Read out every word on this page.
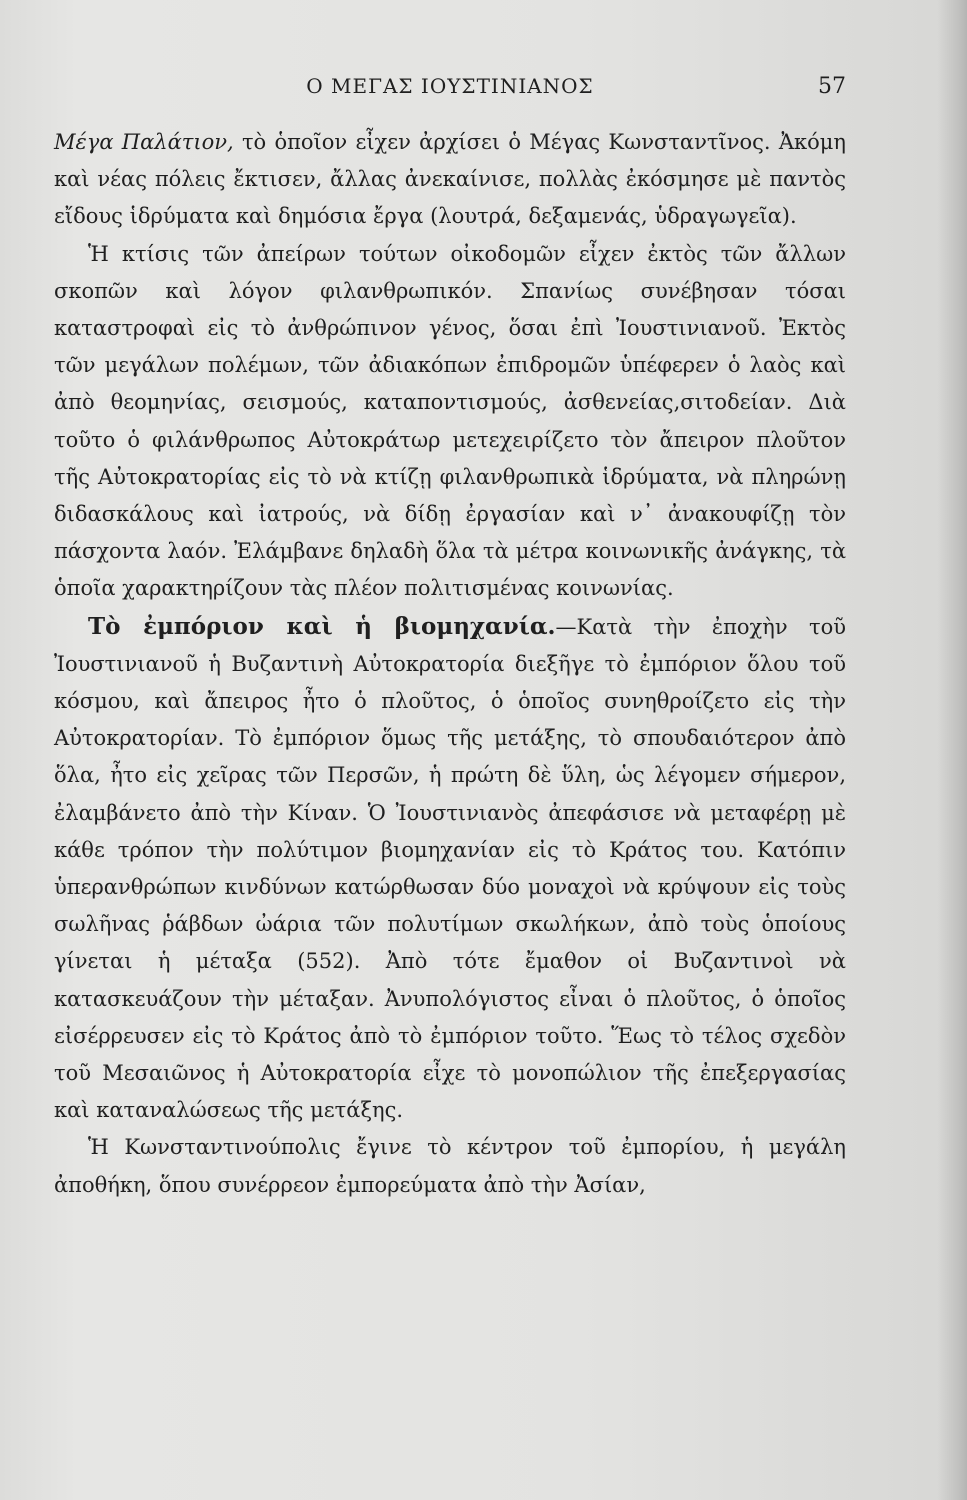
Ο ΜΕΓΑΣ ΙΟΥΣΤΙΝΙΑΝΟΣ	57

Μέγα Παλάτιον, τὸ ὁποῖον εἶχεν ἀρχίσει ὁ Μέγας Κωνσταντῖνος. Ἀκόμη καὶ νέας πόλεις ἔκτισεν, ἄλλας ἀνεκαίνισε, πολλὰς ἐκόσμησε μὲ παντὸς εἴδους ἱδρύματα καὶ δημόσια ἔργα (λουτρά, δεξαμενάς, ὑδραγωγεῖα).

Ἡ κτίσις τῶν ἀπείρων τούτων οἰκοδομῶν εἶχεν ἐκτὸς τῶν ἄλλων σκοπῶν καὶ λόγον φιλανθρωπικόν. Σπανίως συνέβησαν τόσαι καταστροφαὶ εἰς τὸ ἀνθρώπινον γένος, ὅσαι ἐπὶ Ἰουστινιανοῦ. Ἐκτὸς τῶν μεγάλων πολέμων, τῶν ἀδιακόπων ἐπιδρομῶν ὑπέφερεν ὁ λαὸς καὶ ἀπὸ θεομηνίας, σεισμούς, καταποντισμούς, ἀσθενείας,σιτοδείαν. Διὰ τοῦτο ὁ φιλάνθρωπος Αὐτοκράτωρ μετεχειρίζετο τὸν ἄπειρον πλοῦτον τῆς Αὐτοκρατορίας εἰς τὸ νὰ κτίζῃ φιλανθρωπικὰ ἱδρύματα, νὰ πληρώνῃ διδασκάλους καὶ ἰατρούς, νὰ δίδῃ ἐργασίαν καὶ ν᾽ ἀνακουφίζῃ τὸν πάσχοντα λαόν. Ἐλάμβανε δηλαδὴ ὅλα τὰ μέτρα κοινωνικῆς ἀνάγκης, τὰ ὁποῖα χαρακτηρίζουν τὰς πλέον πολιτισμένας κοινωνίας.

Τὸ ἐμπόριον καὶ ἡ βιομηχανία.—Κατὰ τὴν ἐποχὴν τοῦ Ἰουστινιανοῦ ἡ Βυζαντινὴ Αὐτοκρατορία διεξῆγε τὸ ἐμπόριον ὅλου τοῦ κόσμου, καὶ ἄπειρος ἦτο ὁ πλοῦτος, ὁ ὁποῖος συνηθροίζετο εἰς τὴν Αὐτοκρατορίαν. Τὸ ἐμπόριον ὅμως τῆς μετάξης, τὸ σπουδαιότερον ἀπὸ ὅλα, ἦτο εἰς χεῖρας τῶν Περσῶν, ἡ πρώτη δὲ ὕλη, ὡς λέγομεν σήμερον, ἐλαμβάνετο ἀπὸ τὴν Κίναν. Ὁ Ἰουστινιανὸς ἀπεφάσισε νὰ μεταφέρῃ μὲ κάθε τρόπον τὴν πολύτιμον βιομηχανίαν εἰς τὸ Κράτος του. Κατόπιν ὑπερανθρώπων κινδύνων κατώρθωσαν δύο μοναχοὶ νὰ κρύψουν εἰς τοὺς σωλῆνας ῥάβδων ὠάρια τῶν πολυτίμων σκωλήκων, ἀπὸ τοὺς ὁποίους γίνεται ἡ μέταξα (552). Ἀπὸ τότε ἔμαθον οἱ Βυζαντινοὶ νὰ κατασκευάζουν τὴν μέταξαν. Ἀνυπολόγιστος εἶναι ὁ πλοῦτος, ὁ ὁποῖος εἰσέρρευσεν εἰς τὸ Κράτος ἀπὸ τὸ ἐμπόριον τοῦτο. Ἕως τὸ τέλος σχεδὸν τοῦ Μεσαιῶνος ἡ Αὐτοκρατορία εἶχε τὸ μονοπώλιον τῆς ἐπεξεργασίας καὶ καταναλώσεως τῆς μετάξης.

Ἡ Κωνσταντινούπολις ἔγινε τὸ κέντρον τοῦ ἐμπορίου, ἡ μεγάλη ἀποθήκη, ὅπου συνέρρεον ἐμπορεύματα ἀπὸ τὴν Ἀσίαν,
